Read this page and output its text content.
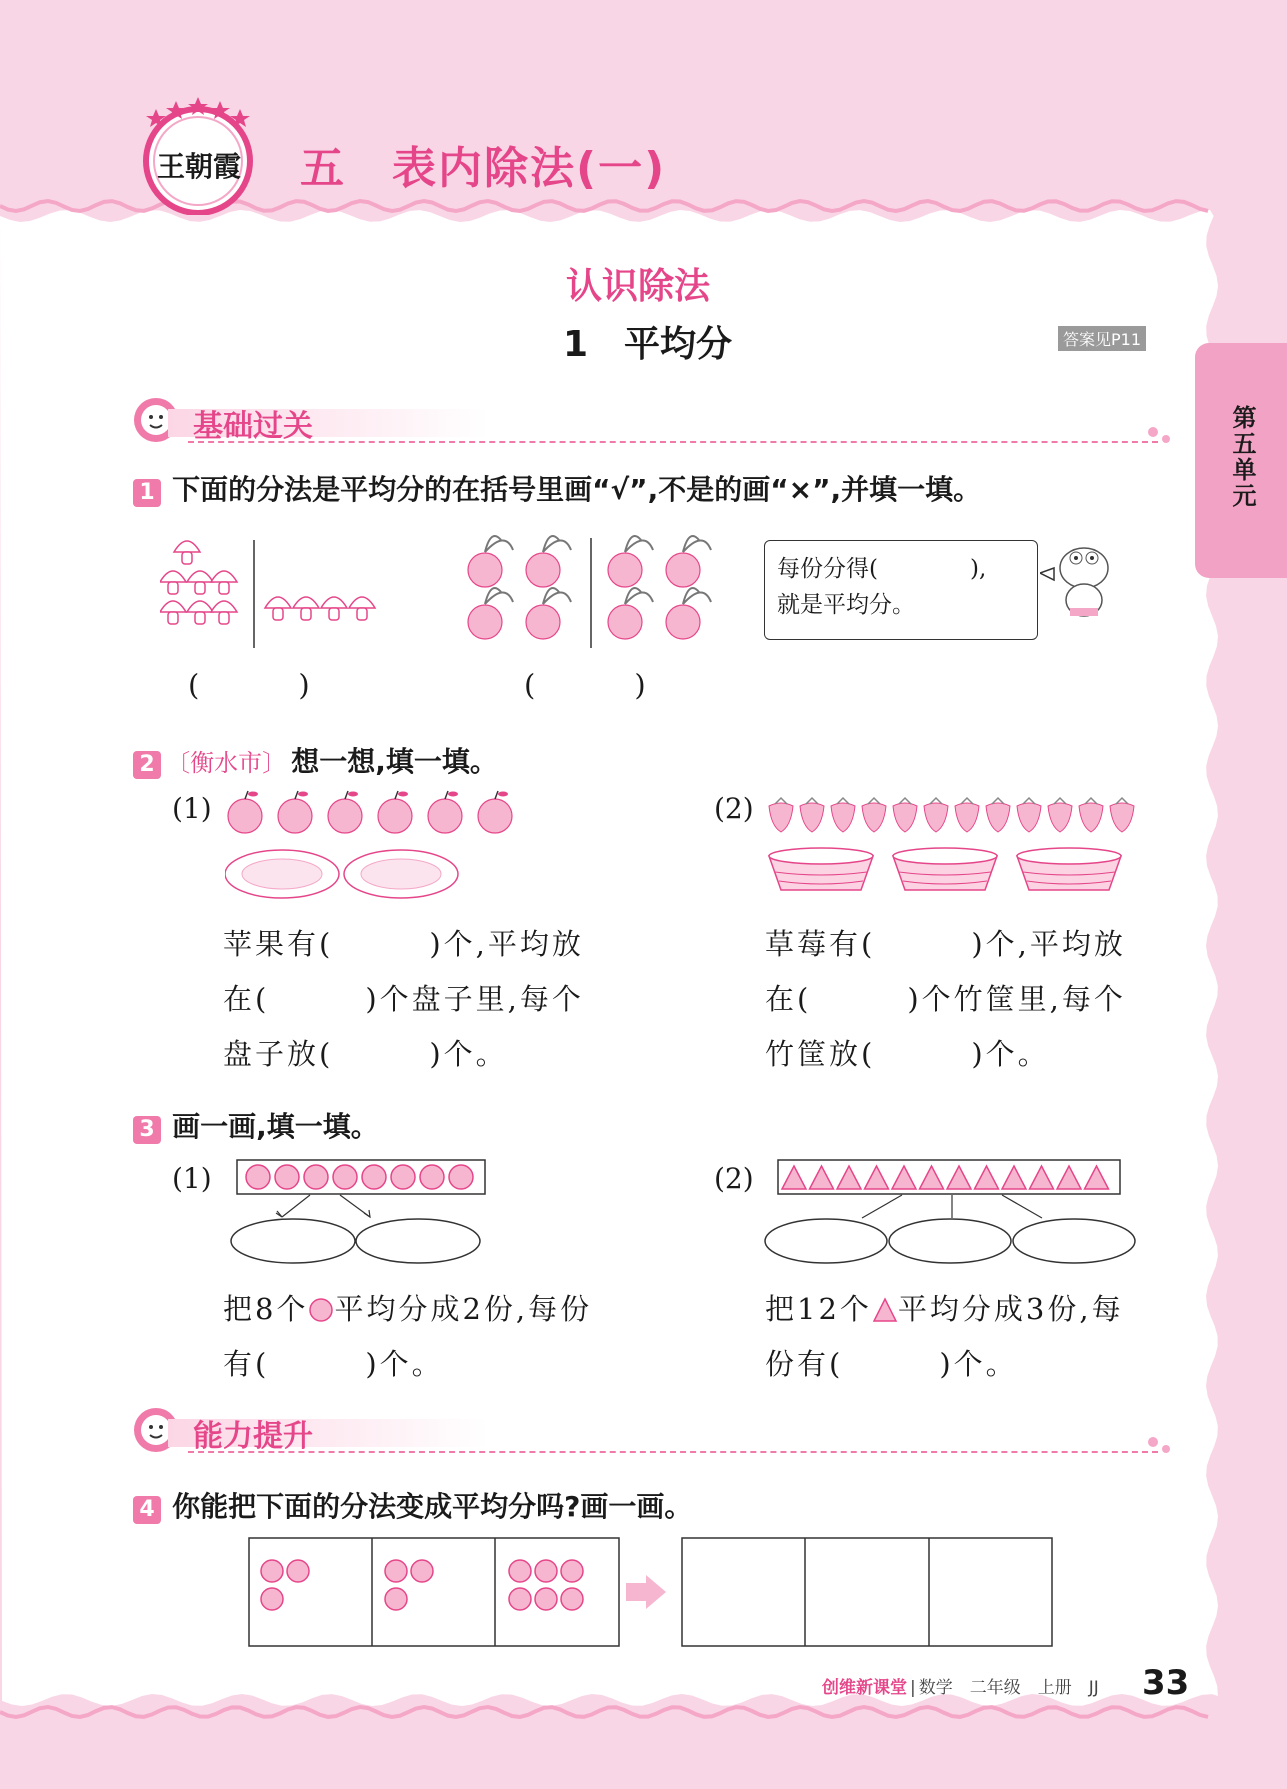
王朝霞 五　表内除法(一)
认识除法
1　平均分	答案见P11
第五单元
基础过关
1 下面的分法是平均分的在括号里画“√”,不是的画“×”,并填一填。
(　　　)	(　　　)
每份分得(　　　　),
就是平均分。
2 〔衡水市〕 想一想,填一填。
(1)
苹果有(　　　)个,平均放
在(　　　)个盘子里,每个
盘子放(　　　)个。
(2)
草莓有(　　　)个,平均放
在(　　　)个竹筐里,每个
竹筐放(　　　)个。
3 画一画,填一填。
(1)
把8个 平均分成2份,每份
有(　　　)个。
(2)
把12个 平均分成3份,每
份有(　　　)个。
能力提升
4 你能把下面的分法变成平均分吗?画一画。
创维新课堂 | 数学　二年级　上册　JJ 33
